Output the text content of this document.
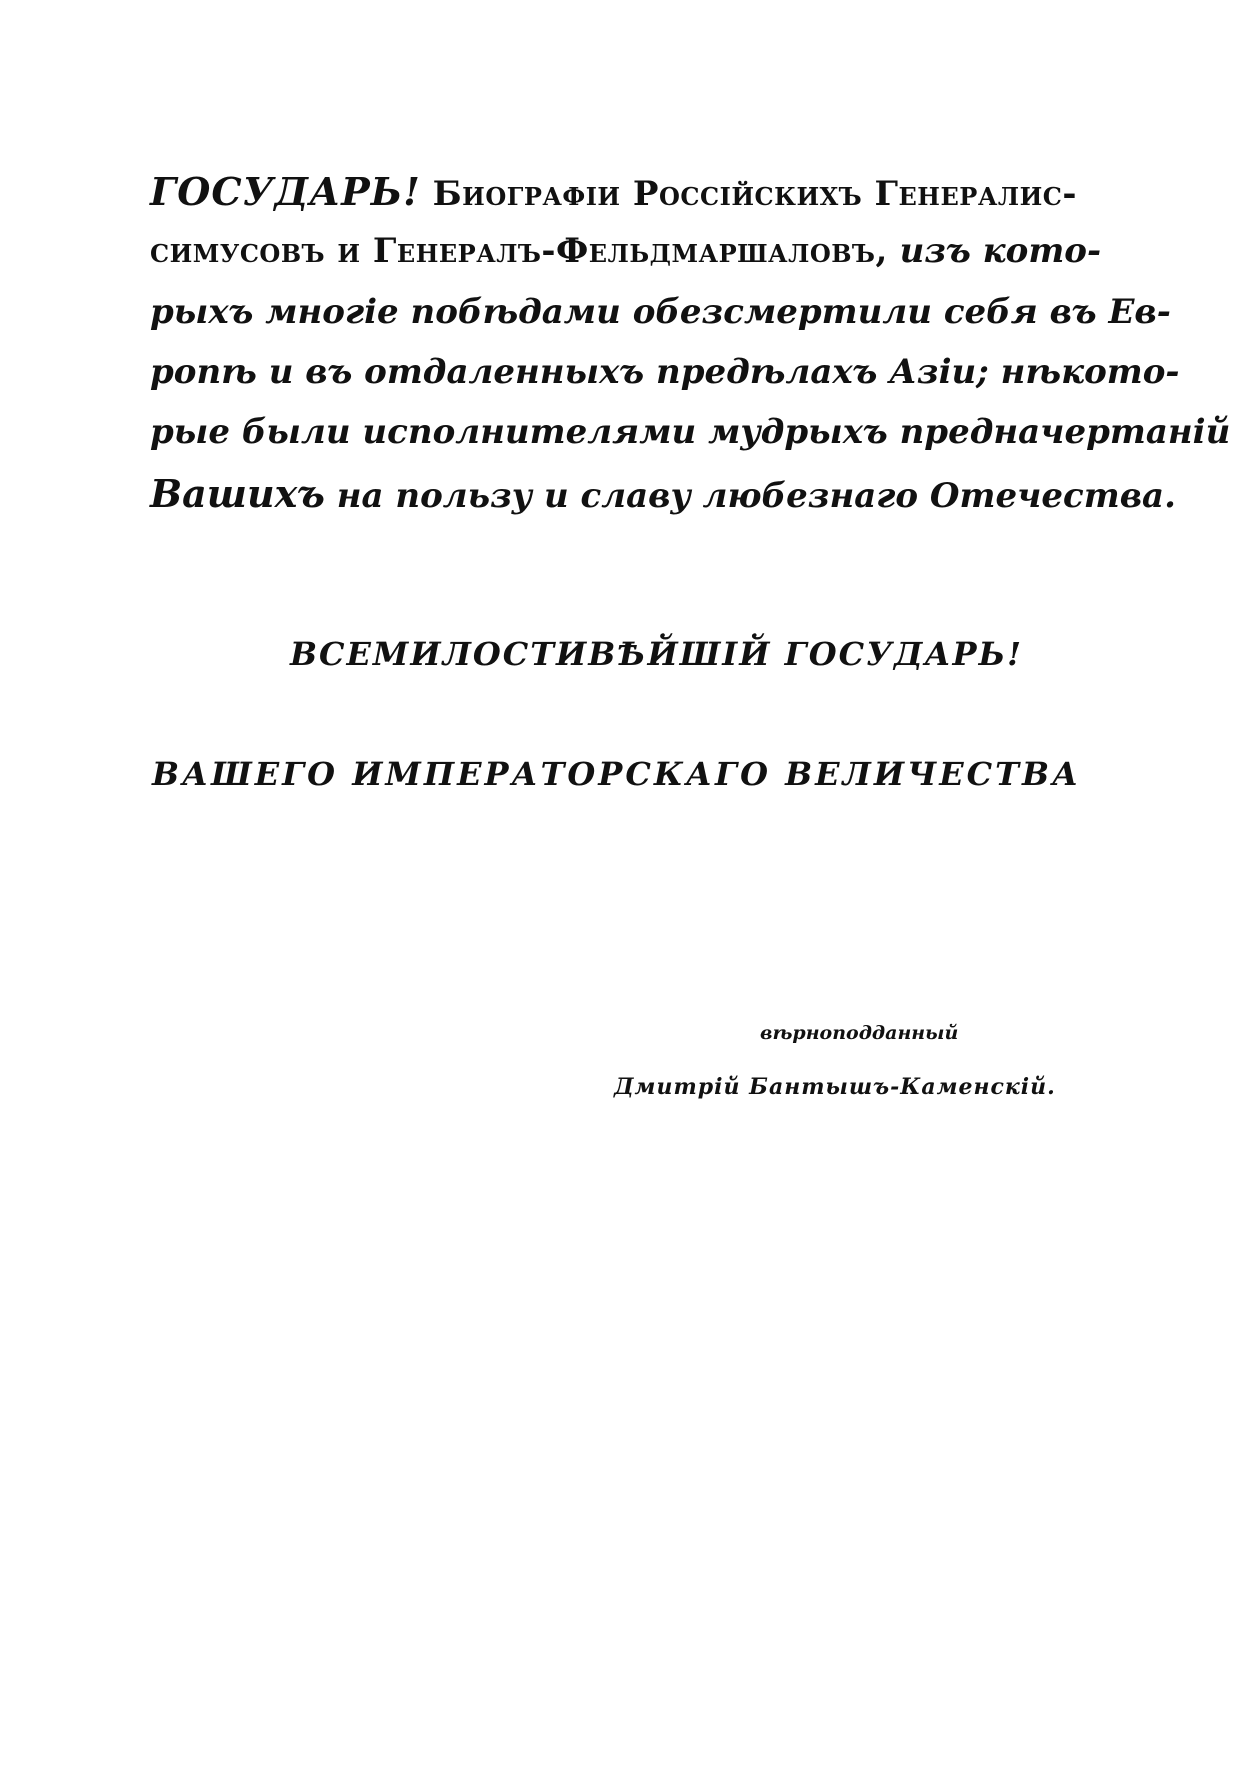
ГОСУДАРЬ! Биографіи Россійскихъ Генералис-
симусовъ и Генералъ-Фельдмаршаловъ, изъ кото-
рыхъ многіе побѣдами обезсмертили себя въ Ев-
ропѣ и въ отдаленныхъ предѣлахъ Азіи; нѣкото-
рые были исполнителями мудрыхъ предначертаній
Вашихъ на пользу и славу любезнаго Отечества.
ВСЕМИЛОСТИВѢЙШІЙ ГОСУДАРЬ!
ВАШЕГО ИМПЕРАТОРСКАГО ВЕЛИЧЕСТВА
вѣрноподданный
Дмитрій Бантышъ-Каменскій.
